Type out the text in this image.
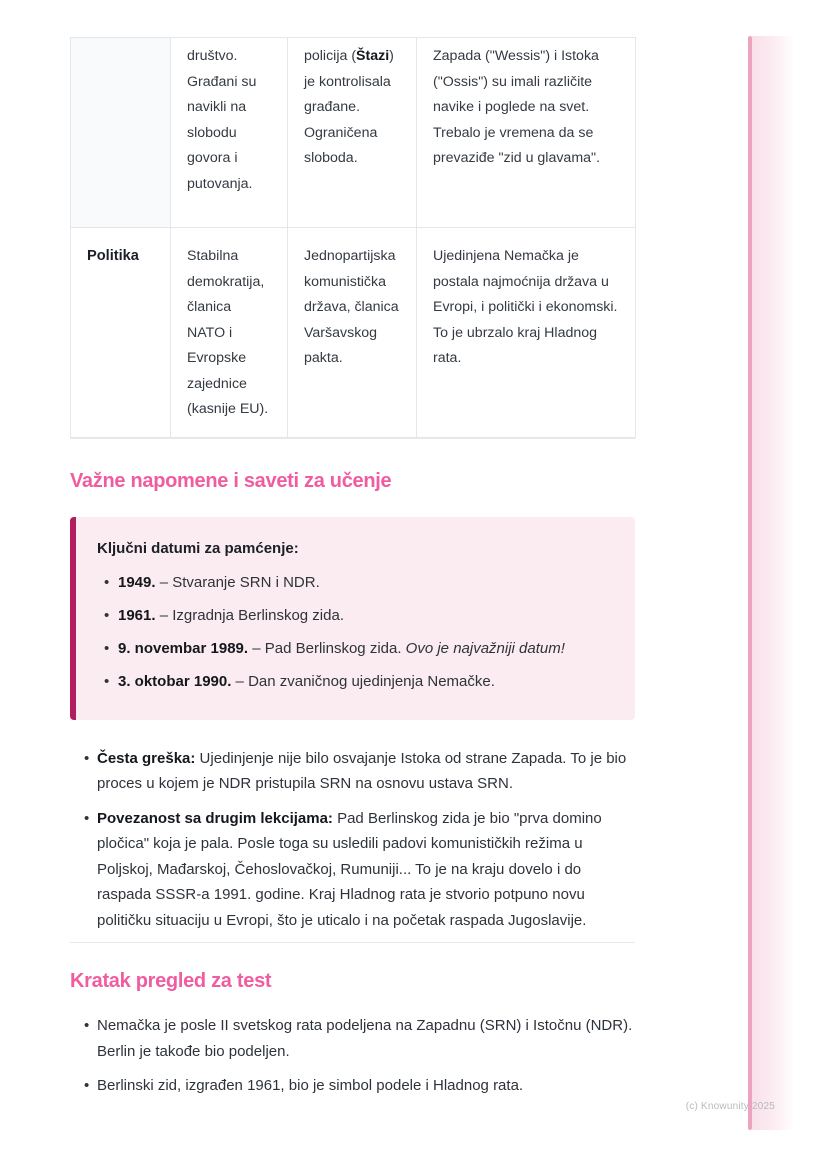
	društvo. Građani su navikli na slobodu govora i putovanja.	policija (Štazi) je kontrolisala građane. Ograničena sloboda.	Zapada ("Wessis") i Istoka ("Ossis") su imali različite navike i poglede na svet. Trebalo je vremena da se prevaziđe "zid u glavama".
Politika	Stabilna demokratija, članica NATO i Evropske zajednice (kasnije EU).	Jednopartijska komunistička država, članica Varšavskog pakta.	Ujedinjena Nemačka je postala najmoćnija država u Evropi, i politički i ekonomski. To je ubrzalo kraj Hladnog rata.
Važne napomene i saveti za učenje
Ključni datumi za pamćenje:
• 1949. – Stvaranje SRN i NDR.
• 1961. – Izgradnja Berlinskog zida.
• 9. novembar 1989. – Pad Berlinskog zida. Ovo je najvažniji datum!
• 3. oktobar 1990. – Dan zvaničnog ujedinjenja Nemačke.
• Česta greška: Ujedinjenje nije bilo osvajanje Istoka od strane Zapada. To je bio proces u kojem je NDR pristupila SRN na osnovu ustava SRN.
• Povezanost sa drugim lekcijama: Pad Berlinskog zida je bio "prva domino pločica" koja je pala. Posle toga su usledili padovi komunističkih režima u Poljskoj, Mađarskoj, Čehoslovačkoj, Rumuniji... To je na kraju dovelo i do raspada SSSR-a 1991. godine. Kraj Hladnog rata je stvorio potpuno novu političku situaciju u Evropi, što je uticalo i na početak raspada Jugoslavije.
Kratak pregled za test
• Nemačka je posle II svetskog rata podeljena na Zapadnu (SRN) i Istočnu (NDR). Berlin je takođe bio podeljen.
• Berlinski zid, izgrađen 1961, bio je simbol podele i Hladnog rata.
(c) Knowunity 2025
